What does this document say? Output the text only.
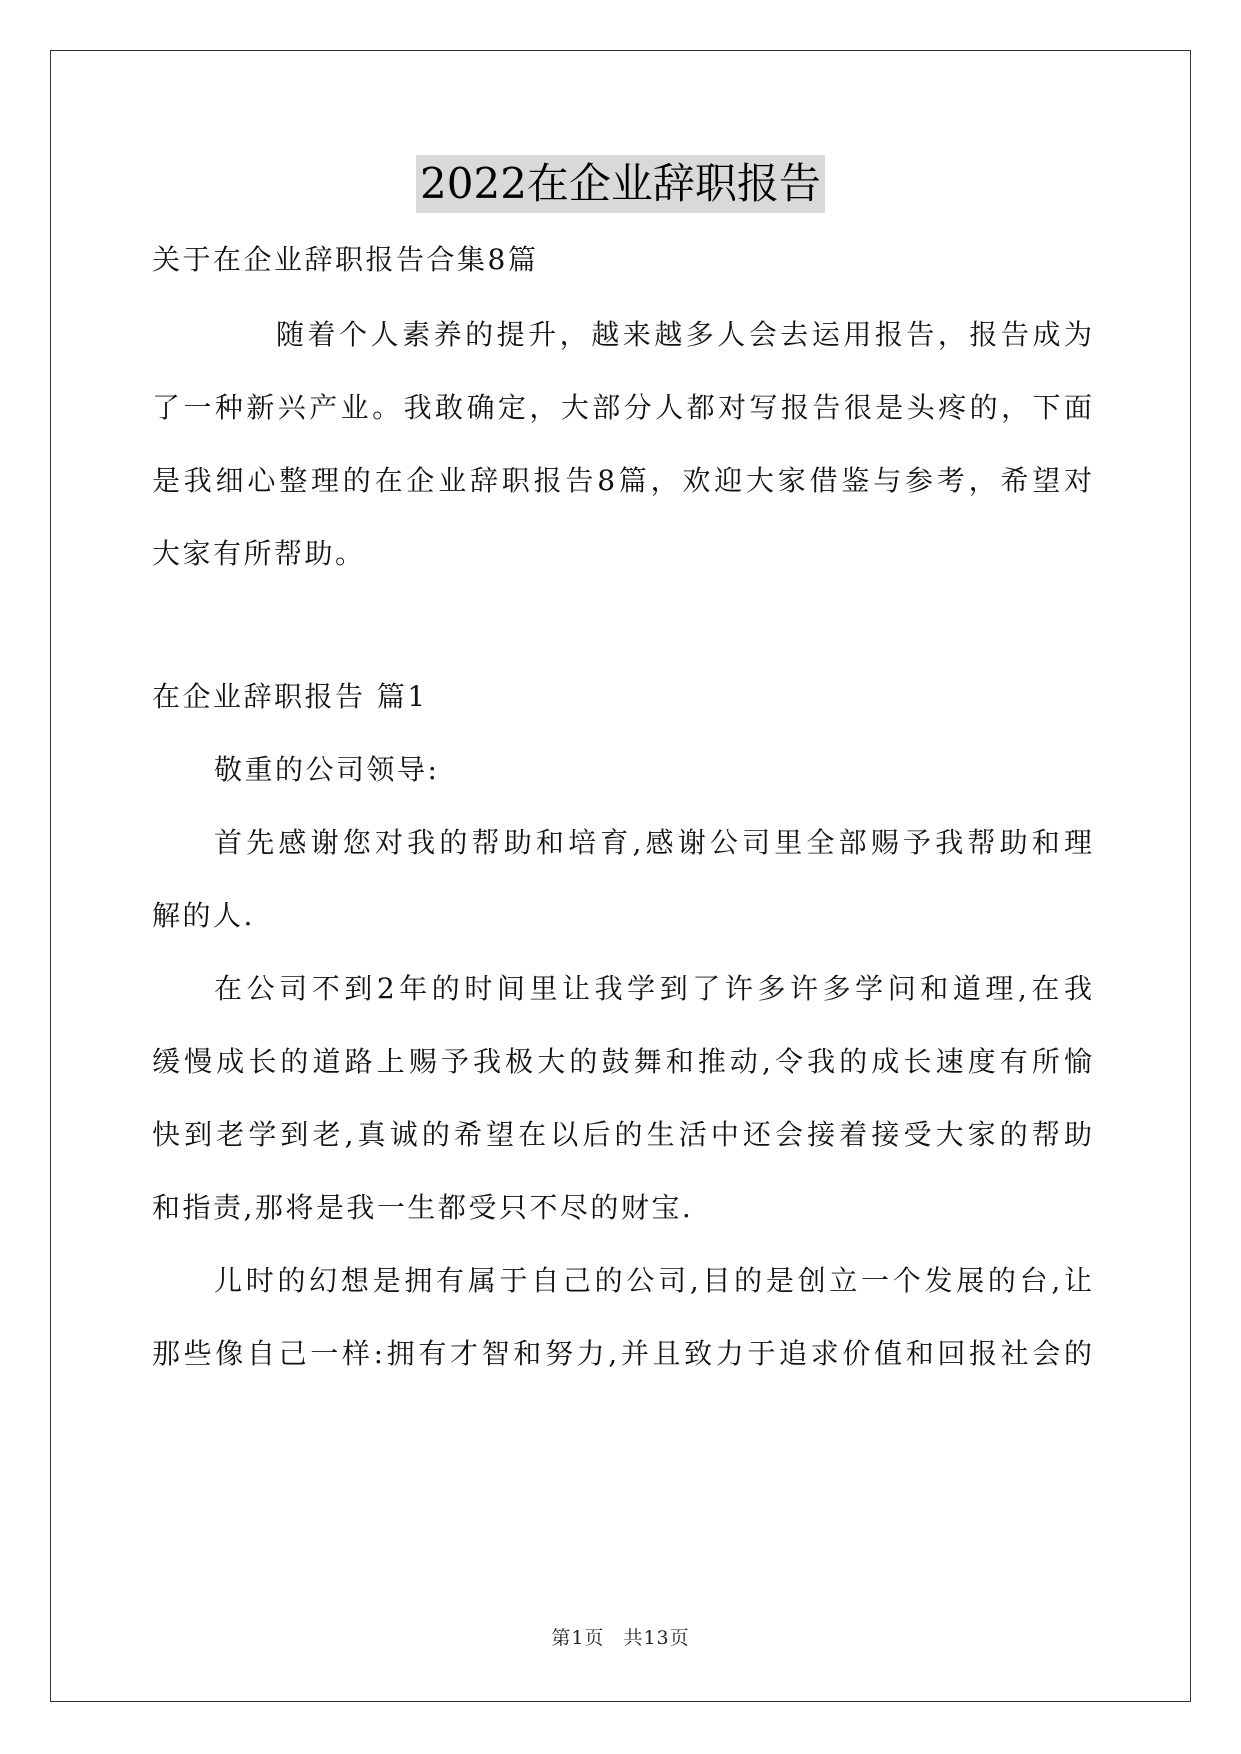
2022在企业辞职报告
关于在企业辞职报告合集8篇
随着个人素养的提升，越来越多人会去运用报告，报告成为
了一种新兴产业。我敢确定，大部分人都对写报告很是头疼的，下面
是我细心整理的在企业辞职报告8篇，欢迎大家借鉴与参考，希望对
大家有所帮助。
在企业辞职报告 篇1
敬重的公司领导:
首先感谢您对我的帮助和培育,感谢公司里全部赐予我帮助和理
解的人.
在公司不到2年的时间里让我学到了许多许多学问和道理,在我
缓慢成长的道路上赐予我极大的鼓舞和推动,令我的成长速度有所愉
快到老学到老,真诚的希望在以后的生活中还会接着接受大家的帮助
和指责,那将是我一生都受只不尽的财宝.
儿时的幻想是拥有属于自己的公司,目的是创立一个发展的台,让
那些像自己一样:拥有才智和努力,并且致力于追求价值和回报社会的
第1页 共13页
